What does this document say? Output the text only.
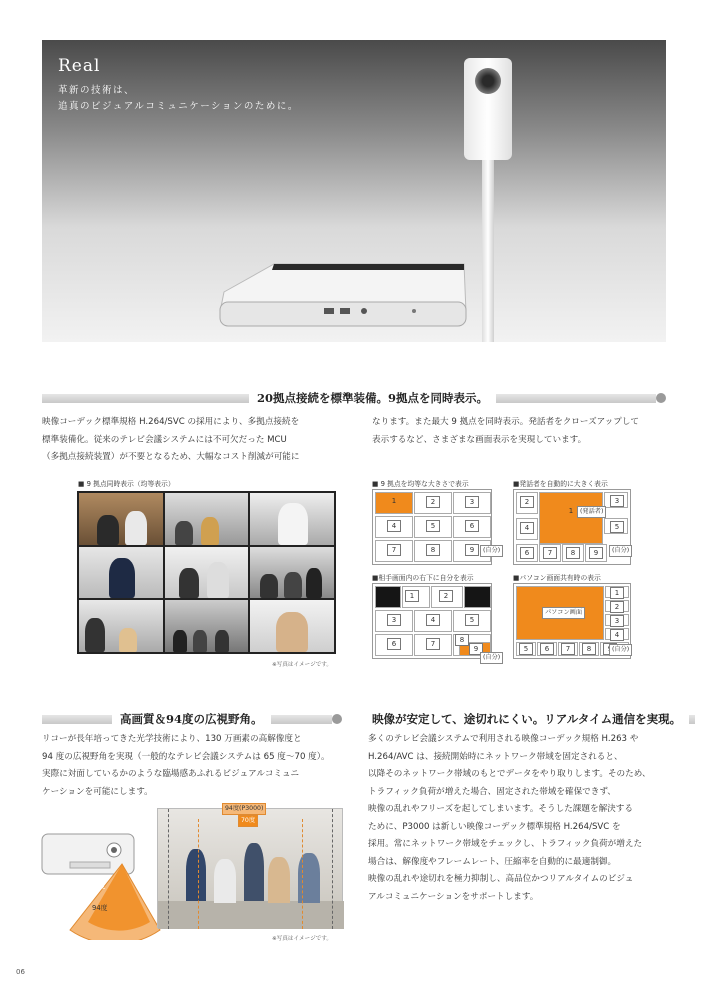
Real
革新の技術は、
追真のビジュアルコミュニケーションのために。
20拠点接続を標準装備。9拠点を同時表示。
映像コーデック標準規格 H.264/SVC の採用により、多拠点接続を
標準装備化。従来のテレビ会議システムには不可欠だった MCU
（多拠点接続装置）が不要となるため、大幅なコスト削減が可能に
なります。また最大 9 拠点を同時表示。発話者をクローズアップして
表示するなど、さまざまな画面表示を実現しています。
■ 9 拠点同時表示（均等表示）
※写真はイメージです。
■ 9 拠点を均等な大きさで表示
1	2	3
4	5	6
7	8	9	(自分)
■発話者を自動的に大きく表示
2	3
4	5
6	7	8	9
1	(発話者)
(自分)
■相手画面内の右下に自分を表示
1	2
3	4	5
6	7	8
9
(自分)
■パソコン画面共有時の表示
1
2
3
4
5	6	7	8
パソコン画面
(自分)
高画質＆94度の広視野角。
リコーが長年培ってきた光学技術により、130 万画素の高解像度と
94 度の広視野角を実現（一般的なテレビ会議システムは 65 度〜70 度）。
実際に対面しているかのような臨場感あふれるビジュアルコミュニ
ケーションを可能にします。
70度
94度
94度(P3000)
70度
※写真はイメージです。
映像が安定して、途切れにくい。リアルタイム通信を実現。
多くのテレビ会議システムで利用される映像コーデック規格 H.263 や
H.264/AVC は、接続開始時にネットワーク帯域を固定されると、
以降そのネットワーク帯域のもとでデータをやり取りします。そのため、
トラフィック負荷が増えた場合、固定された帯域を確保できず、
映像の乱れやフリーズを起してしまいます。そうした課題を解決する
ために、P3000 は新しい映像コーデック標準規格 H.264/SVC を
採用。常にネットワーク帯域をチェックし、トラフィック負荷が増えた
場合は、解像度やフレームレート、圧縮率を自動的に最適制御。
映像の乱れや途切れを極力抑制し、高品位かつリアルタイムのビジュ
アルコミュニケーションをサポートします。
06
